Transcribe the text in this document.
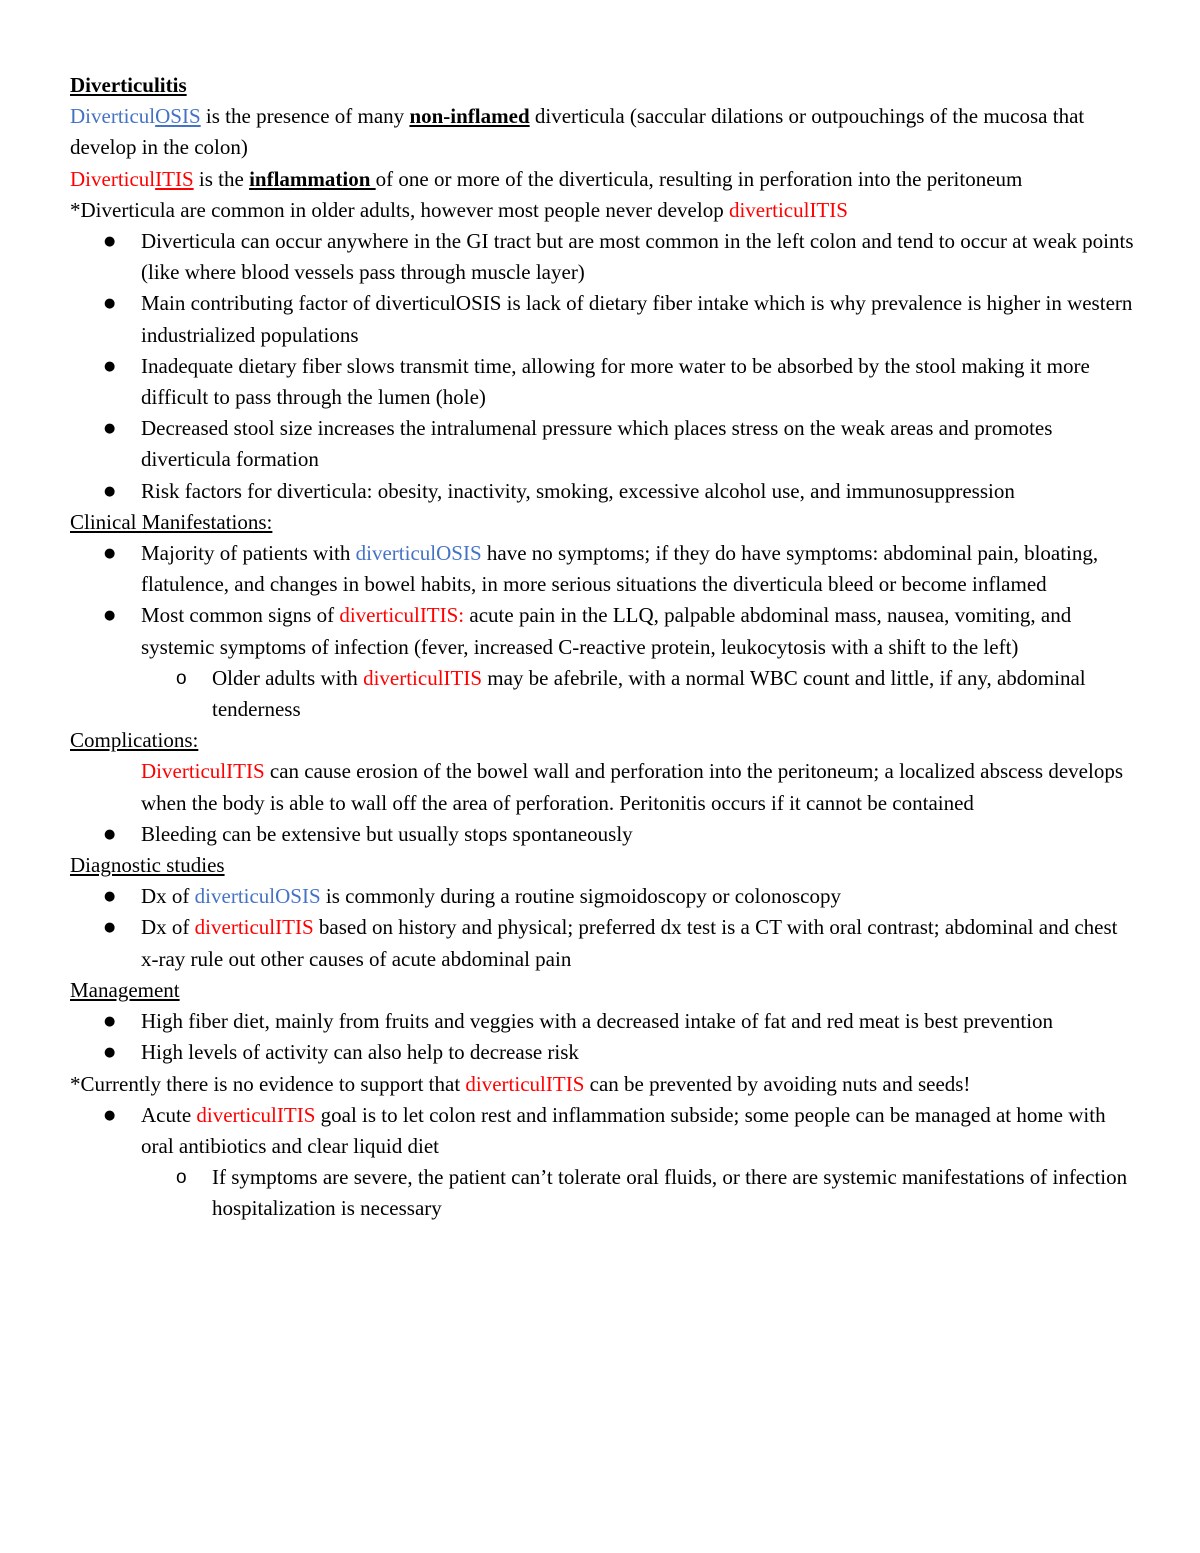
Diverticulitis

DiverticulOSIS is the presence of many non-inflamed diverticula (saccular dilations or outpouchings of the mucosa that develop in the colon)

DiverticulITIS is the inflammation of one or more of the diverticula, resulting in perforation into the peritoneum

*Diverticula are common in older adults, however most people never develop diverticulITIS

● Diverticula can occur anywhere in the GI tract but are most common in the left colon and tend to occur at weak points (like where blood vessels pass through muscle layer)
● Main contributing factor of diverticulOSIS is lack of dietary fiber intake which is why prevalence is higher in western industrialized populations
● Inadequate dietary fiber slows transmit time, allowing for more water to be absorbed by the stool making it more difficult to pass through the lumen (hole)
● Decreased stool size increases the intralumenal pressure which places stress on the weak areas and promotes diverticula formation
● Risk factors for diverticula: obesity, inactivity, smoking, excessive alcohol use, and immunosuppression

Clinical Manifestations:

● Majority of patients with diverticulOSIS have no symptoms; if they do have symptoms: abdominal pain, bloating, flatulence, and changes in bowel habits, in more serious situations the diverticula bleed or become inflamed
● Most common signs of diverticulITIS: acute pain in the LLQ, palpable abdominal mass, nausea, vomiting, and systemic symptoms of infection (fever, increased C-reactive protein, leukocytosis with a shift to the left)
o Older adults with diverticulITIS may be afebrile, with a normal WBC count and little, if any, abdominal tenderness

Complications:

DiverticulITIS can cause erosion of the bowel wall and perforation into the peritoneum; a localized abscess develops when the body is able to wall off the area of perforation. Peritonitis occurs if it cannot be contained

● Bleeding can be extensive but usually stops spontaneously

Diagnostic studies

● Dx of diverticulOSIS is commonly during a routine sigmoidoscopy or colonoscopy
● Dx of diverticulITIS based on history and physical; preferred dx test is a CT with oral contrast; abdominal and chest x-ray rule out other causes of acute abdominal pain

Management

● High fiber diet, mainly from fruits and veggies with a decreased intake of fat and red meat is best prevention
● High levels of activity can also help to decrease risk

*Currently there is no evidence to support that diverticulITIS can be prevented by avoiding nuts and seeds!

● Acute diverticulITIS goal is to let colon rest and inflammation subside; some people can be managed at home with oral antibiotics and clear liquid diet
o If symptoms are severe, the patient can’t tolerate oral fluids, or there are systemic manifestations of infection hospitalization is necessary
